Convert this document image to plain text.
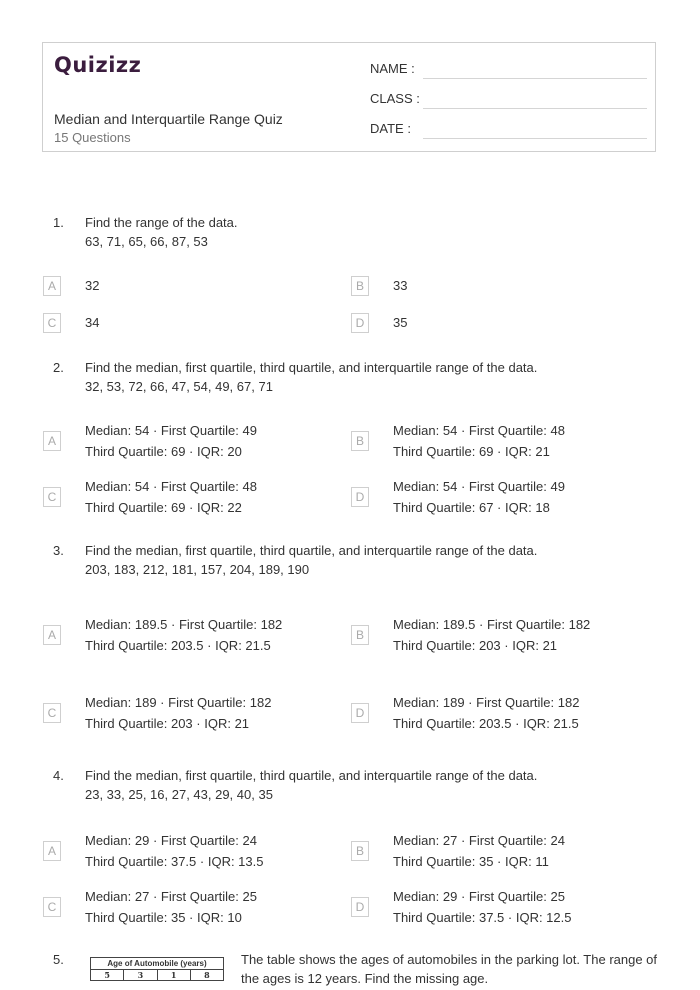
Quizizz
Median and Interquartile Range Quiz
15 Questions
NAME :
CLASS :
DATE :
1. Find the range of the data.
63, 71, 65, 66, 87, 53
A	32	B	33
C	34	D	35
2. Find the median, first quartile, third quartile, and interquartile range of the data.
32, 53, 72, 66, 47, 54, 49, 67, 71
A
Median: 54 · First Quartile: 49
Third Quartile: 69 · IQR: 20
B
Median: 54 · First Quartile: 48
Third Quartile: 69 · IQR: 21
C
Median: 54 · First Quartile: 48
Third Quartile: 69 · IQR: 22
D
Median: 54 · First Quartile: 49
Third Quartile: 67 · IQR: 18
3. Find the median, first quartile, third quartile, and interquartile range of the data.
203, 183, 212, 181, 157, 204, 189, 190
A
Median: 189.5 · First Quartile: 182
Third Quartile: 203.5 · IQR: 21.5
B
Median: 189.5 · First Quartile: 182
Third Quartile: 203 · IQR: 21
C
Median: 189 · First Quartile: 182
Third Quartile: 203 · IQR: 21
D
Median: 189 · First Quartile: 182
Third Quartile: 203.5 · IQR: 21.5
4. Find the median, first quartile, third quartile, and interquartile range of the data.
23, 33, 25, 16, 27, 43, 29, 40, 35
A
Median: 29 · First Quartile: 24
Third Quartile: 37.5 · IQR: 13.5
B
Median: 27 · First Quartile: 24
Third Quartile: 35 · IQR: 11
C
Median: 27 · First Quartile: 25
Third Quartile: 35 · IQR: 10
D
Median: 29 · First Quartile: 25
Third Quartile: 37.5 · IQR: 12.5
5.	Age of Automobile (years)
5	3	1	8
The table shows the ages of automobiles in the parking lot. The range of the ages is 12 years. Find the missing age.
